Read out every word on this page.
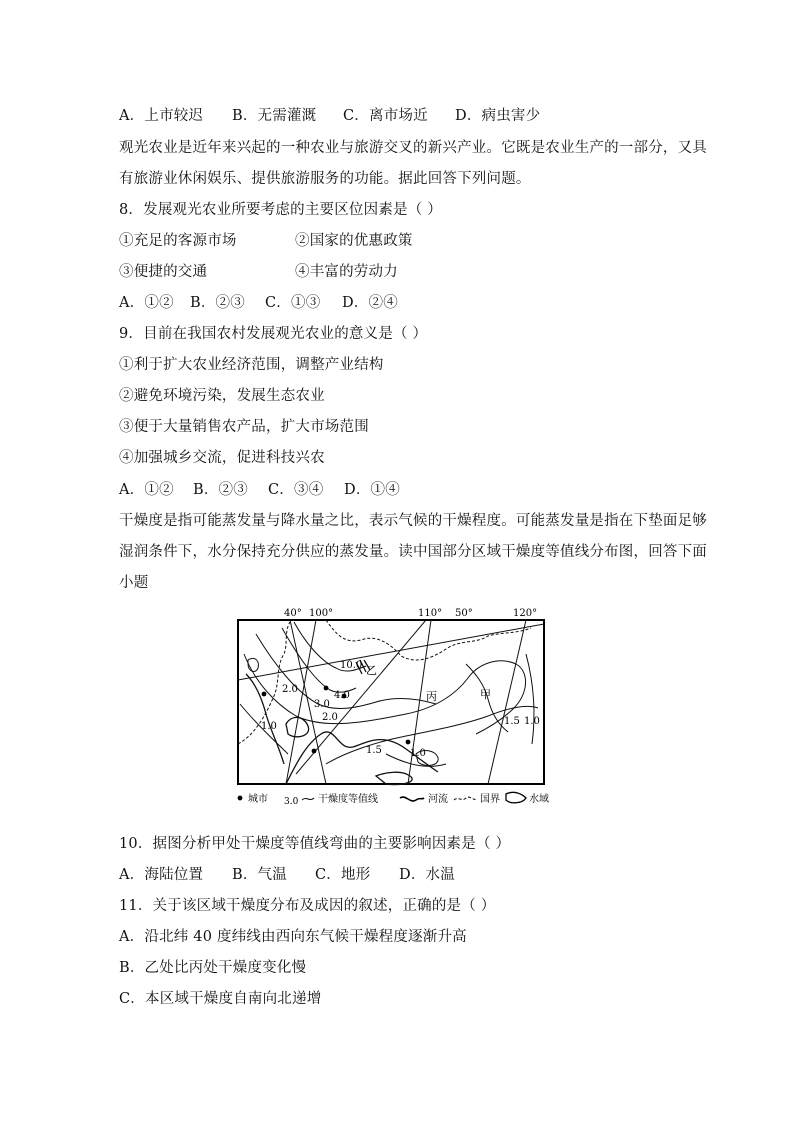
A．上市较迟 B．无需灌溉 C．离市场近 D．病虫害少
观光农业是近年来兴起的一种农业与旅游交叉的新兴产业。它既是农业生产的一部分，又具
有旅游业休闲娱乐、提供旅游服务的功能。据此回答下列问题。
8．发展观光农业所要考虑的主要区位因素是（ ）
①充足的客源市场	②国家的优惠政策
③便捷的交通	④丰富的劳动力
A．①② B．②③ C．①③ D．②④
9．目前在我国农村发展观光农业的意义是（ ）
①利于扩大农业经济范围，调整产业结构
②避免环境污染，发展生态农业
③便于大量销售农产品，扩大市场范围
④加强城乡交流，促进科技兴农
A．①② B．②③ C．③④ D．①④
干燥度是指可能蒸发量与降水量之比，表示气候的干燥程度。可能蒸发量是指在下垫面足够
湿润条件下，水分保持充分供应的蒸发量。读中国部分区域干燥度等值线分布图，回答下面
小题
40° 100°	110° 50°	120°
10.0
4.0
3.0
2.0
2.0
1.0
1.5	1.0
1.5 1.0
乙
丙	甲
城市 3.0 干燥度等值线	河流	国界	水域
10．据图分析甲处干燥度等值线弯曲的主要影响因素是（ ）
A．海陆位置 B．气温 C．地形 D．水温
11．关于该区域干燥度分布及成因的叙述，正确的是（ ）
A．沿北纬 40 度纬线由西向东气候干燥程度逐渐升高
B．乙处比丙处干燥度变化慢
C．本区域干燥度自南向北递增
